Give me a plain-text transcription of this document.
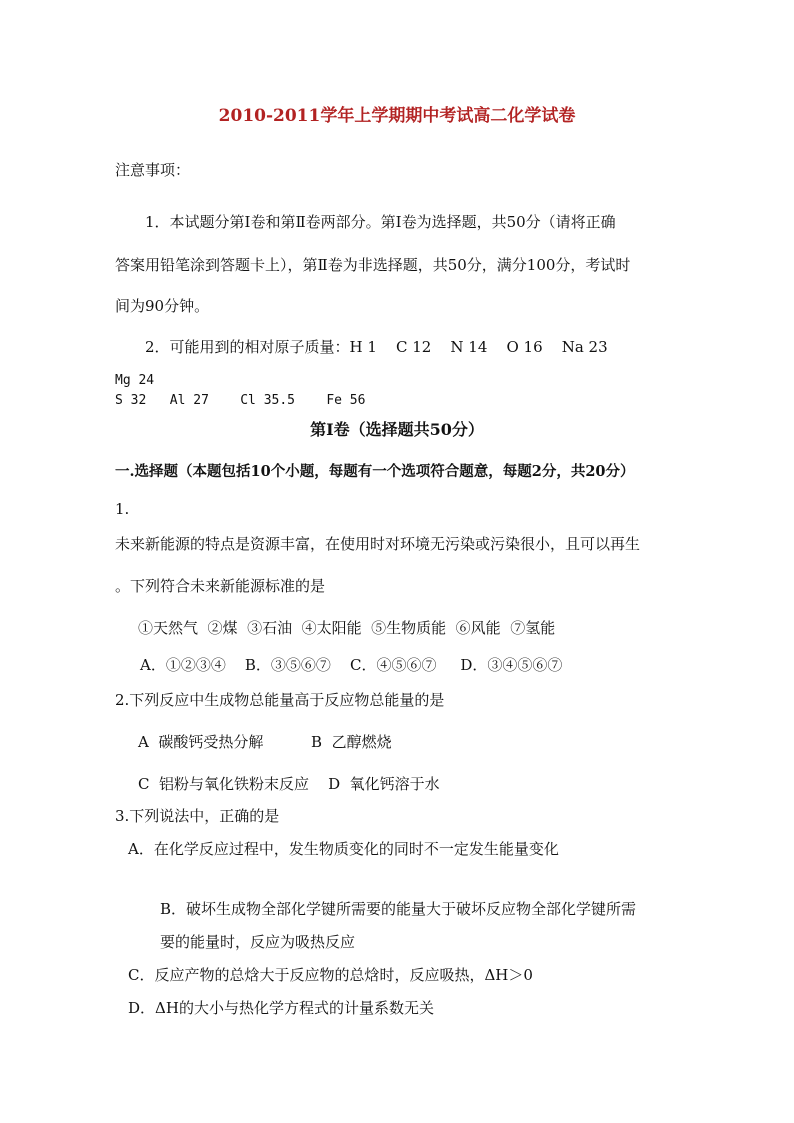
2010-2011学年上学期期中考试高二化学试卷
注意事项：
1．本试题分第Ⅰ卷和第Ⅱ卷两部分。第Ⅰ卷为选择题，共50分（请将正确
答案用铅笔涂到答题卡上），第Ⅱ卷为非选择题，共50分，满分100分，考试时
间为90分钟。
2．可能用到的相对原子质量：H 1    C 12    N 14    O 16    Na 23
Mg 24
S 32   Al 27    Cl 35.5    Fe 56
第Ⅰ卷（选择题共50分）
一.选择题（本题包括10个小题，每题有一个选项符合题意，每题2分，共20分）
1.
未来新能源的特点是资源丰富，在使用时对环境无污染或污染很小，且可以再生
。下列符合未来新能源标准的是
①天然气  ②煤  ③石油  ④太阳能  ⑤生物质能  ⑥风能  ⑦氢能
A．①②③④    B．③⑤⑥⑦    C．④⑤⑥⑦     D．③④⑤⑥⑦
2.下列反应中生成物总能量高于反应物总能量的是
A  碳酸钙受热分解          B  乙醇燃烧
C  铝粉与氧化铁粉末反应    D  氧化钙溶于水
3.下列说法中，正确的是
A．在化学反应过程中，发生物质变化的同时不一定发生能量变化
B．破坏生成物全部化学键所需要的能量大于破坏反应物全部化学键所需
要的能量时，反应为吸热反应
C．反应产物的总焓大于反应物的总焓时，反应吸热，ΔH＞0
D．ΔH的大小与热化学方程式的计量系数无关
